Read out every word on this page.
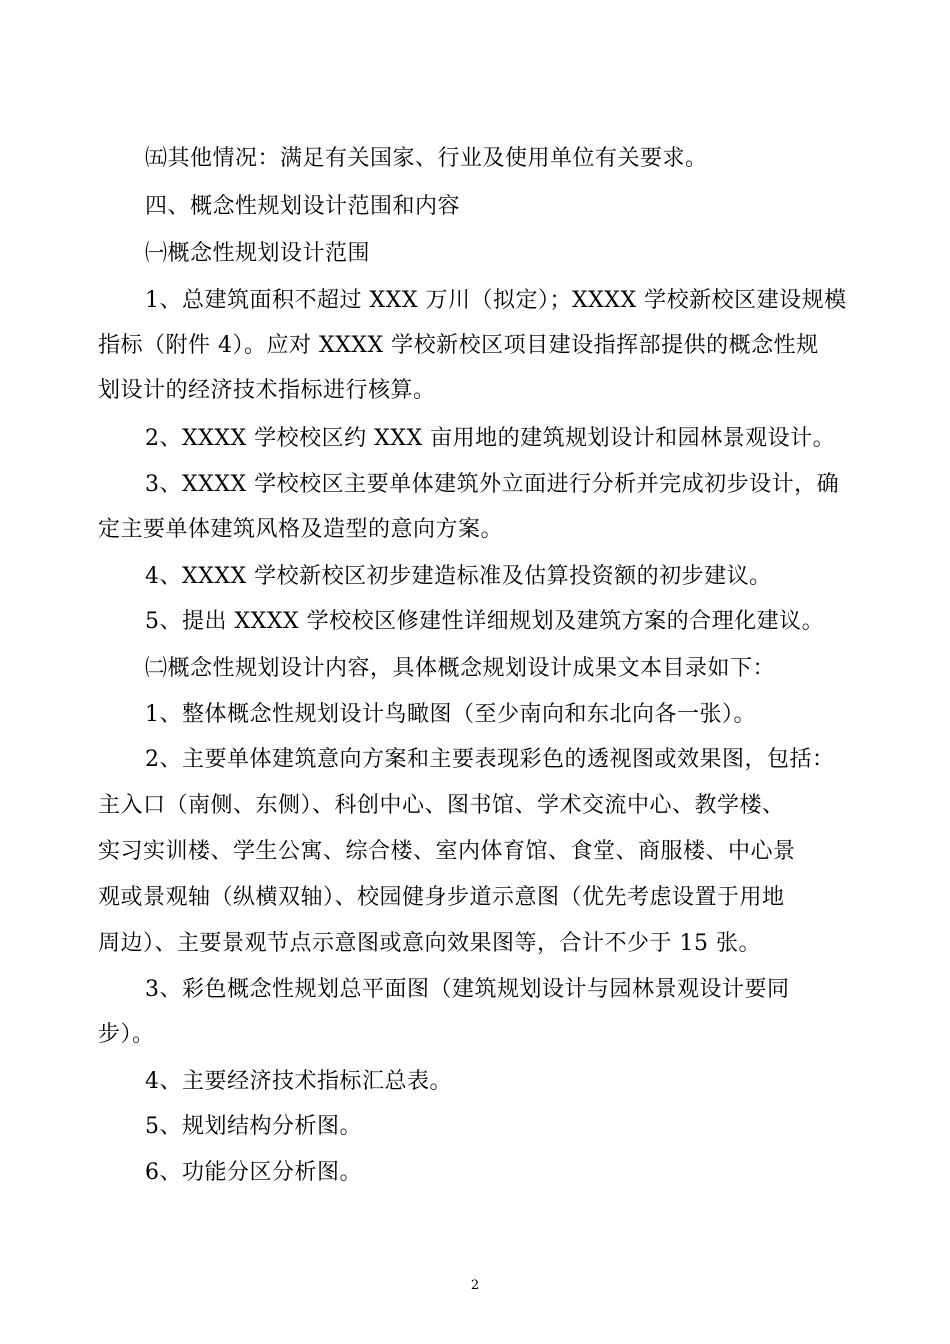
㈤其他情况：满足有关国家、行业及使用单位有关要求。
四、概念性规划设计范围和内容
㈠概念性规划设计范围
1、总建筑面积不超过 XXX 万川（拟定）；XXXX 学校新校区建设规模
指标（附件 4）。应对 XXXX 学校新校区项目建设指挥部提供的概念性规
划设计的经济技术指标进行核算。
2、XXXX 学校校区约 XXX 亩用地的建筑规划设计和园林景观设计。
3、XXXX 学校校区主要单体建筑外立面进行分析并完成初步设计，确
定主要单体建筑风格及造型的意向方案。
4、XXXX 学校新校区初步建造标准及估算投资额的初步建议。
5、提出 XXXX 学校校区修建性详细规划及建筑方案的合理化建议。
㈡概念性规划设计内容，具体概念规划设计成果文本目录如下：
1、整体概念性规划设计鸟瞰图（至少南向和东北向各一张）。
2、主要单体建筑意向方案和主要表现彩色的透视图或效果图，包括：
主入口（南侧、东侧）、科创中心、图书馆、学术交流中心、教学楼、
实习实训楼、学生公寓、综合楼、室内体育馆、食堂、商服楼、中心景
观或景观轴（纵横双轴）、校园健身步道示意图（优先考虑设置于用地
周边）、主要景观节点示意图或意向效果图等，合计不少于 15 张。
3、彩色概念性规划总平面图（建筑规划设计与园林景观设计要同
步）。
4、主要经济技术指标汇总表。
5、规划结构分析图。
6、功能分区分析图。
2
